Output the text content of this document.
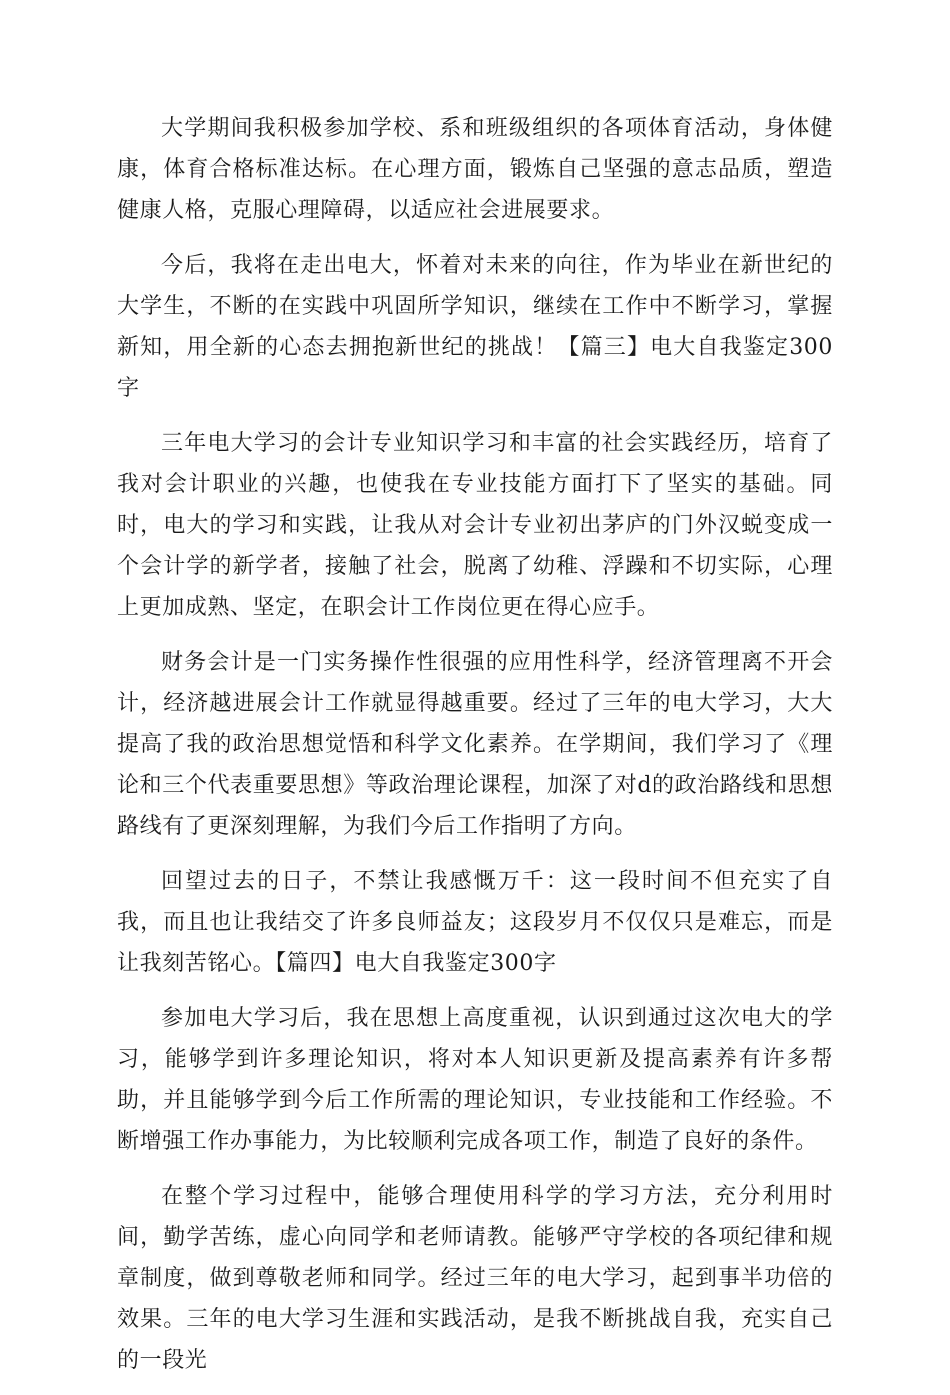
大学期间我积极参加学校、系和班级组织的各项体育活动，身体健康，体育合格标准达标。在心理方面，锻炼自己坚强的意志品质，塑造健康人格，克服心理障碍，以适应社会进展要求。

今后，我将在走出电大，怀着对未来的向往，作为毕业在新世纪的大学生，不断的在实践中巩固所学知识，继续在工作中不断学习，掌握新知，用全新的心态去拥抱新世纪的挑战！【篇三】电大自我鉴定300字

三年电大学习的会计专业知识学习和丰富的社会实践经历，培育了我对会计职业的兴趣，也使我在专业技能方面打下了坚实的基础。同时，电大的学习和实践，让我从对会计专业初出茅庐的门外汉蜕变成一个会计学的新学者，接触了社会，脱离了幼稚、浮躁和不切实际，心理上更加成熟、坚定，在职会计工作岗位更在得心应手。

财务会计是一门实务操作性很强的应用性科学，经济管理离不开会计，经济越进展会计工作就显得越重要。经过了三年的电大学习，大大提高了我的政治思想觉悟和科学文化素养。在学期间，我们学习了《理论和三个代表重要思想》等政治理论课程，加深了对d的政治路线和思想路线有了更深刻理解，为我们今后工作指明了方向。

回望过去的日子，不禁让我感慨万千：这一段时间不但充实了自我，而且也让我结交了许多良师益友；这段岁月不仅仅只是难忘，而是让我刻苦铭心。【篇四】电大自我鉴定300字

参加电大学习后，我在思想上高度重视，认识到通过这次电大的学习，能够学到许多理论知识，将对本人知识更新及提高素养有许多帮助，并且能够学到今后工作所需的理论知识，专业技能和工作经验。不断增强工作办事能力，为比较顺利完成各项工作，制造了良好的条件。

在整个学习过程中，能够合理使用科学的学习方法，充分利用时间，勤学苦练，虚心向同学和老师请教。能够严守学校的各项纪律和规章制度，做到尊敬老师和同学。经过三年的电大学习，起到事半功倍的效果。三年的电大学习生涯和实践活动，是我不断挑战自我，充实自己的一段光
